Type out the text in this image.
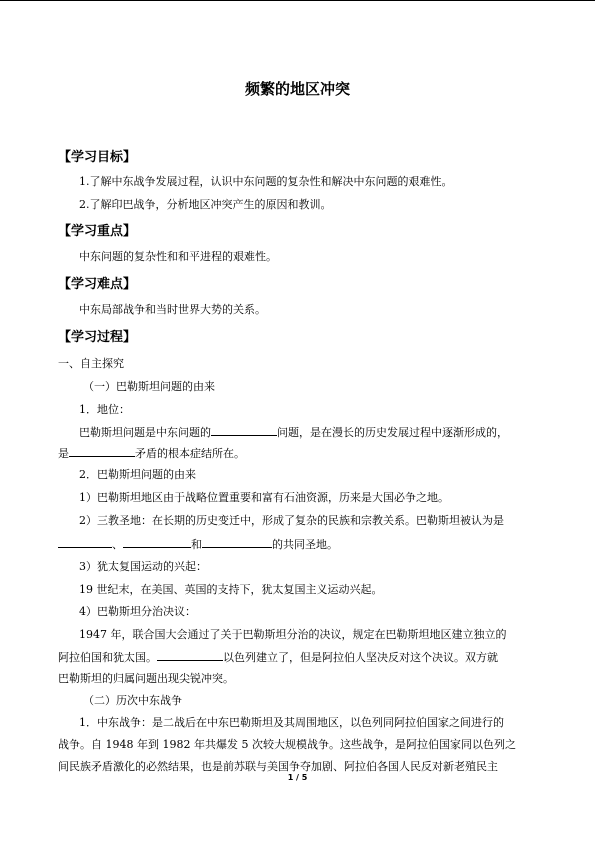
频繁的地区冲突
【学习目标】
1.了解中东战争发展过程，认识中东问题的复杂性和解决中东问题的艰难性。
2.了解印巴战争，分析地区冲突产生的原因和教训。
【学习重点】
中东问题的复杂性和和平进程的艰难性。
【学习难点】
中东局部战争和当时世界大势的关系。
【学习过程】
一、自主探究
（一）巴勒斯坦问题的由来
1．地位：
巴勒斯坦问题是中东问题的	问题，是在漫长的历史发展过程中逐渐形成的，
是	矛盾的根本症结所在。
2．巴勒斯坦问题的由来
1）巴勒斯坦地区由于战略位置重要和富有石油资源，历来是大国必争之地。
2）三教圣地：在长期的历史变迁中，形成了复杂的民族和宗教关系。巴勒斯坦被认为是
、	和	的共同圣地。
3）犹太复国运动的兴起：
19 世纪末，在美国、英国的支持下，犹太复国主义运动兴起。
4）巴勒斯坦分治决议：
1947 年，联合国大会通过了关于巴勒斯坦分治的决议，规定在巴勒斯坦地区建立独立的
阿拉伯国和犹太国。	以色列建立了，但是阿拉伯人坚决反对这个决议。双方就
巴勒斯坦的归属问题出现尖锐冲突。
（二）历次中东战争
1．中东战争：是二战后在中东巴勒斯坦及其周围地区，以色列同阿拉伯国家之间进行的
战争。自 1948 年到 1982 年共爆发 5 次较大规模战争。这些战争，是阿拉伯国家同以色列之
间民族矛盾激化的必然结果，也是前苏联与美国争夺加剧、阿拉伯各国人民反对新老殖民主
1 / 5
